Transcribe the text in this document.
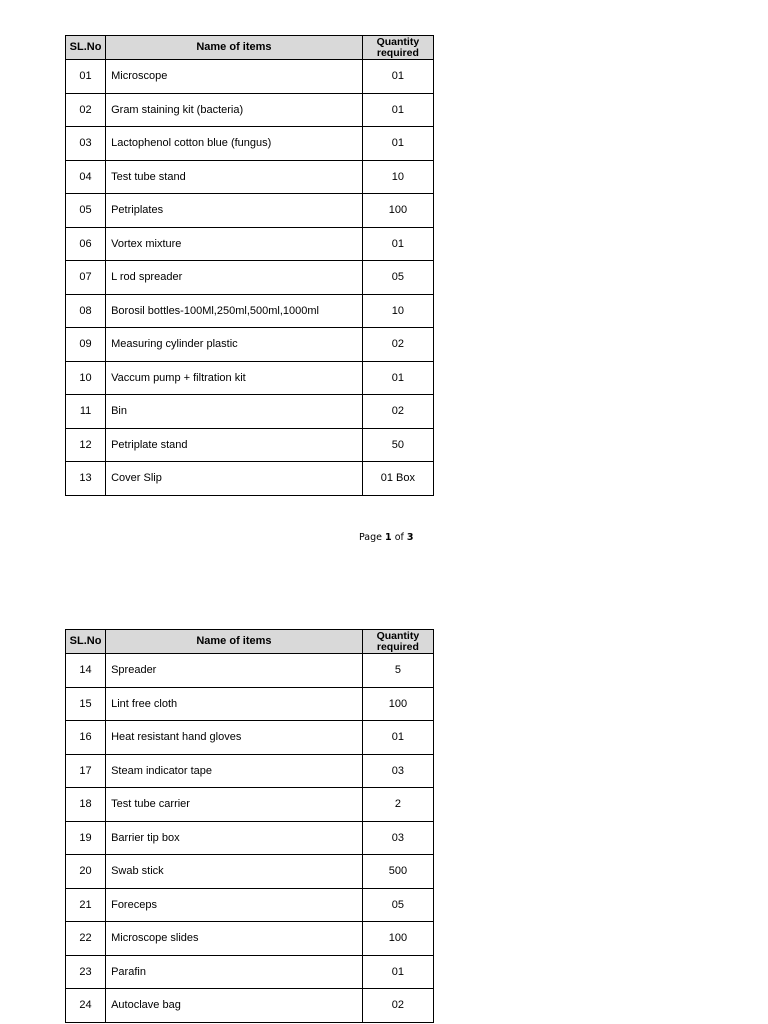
SL.No	Name of items	Quantity required
01	Microscope	01
02	Gram staining kit (bacteria)	01
03	Lactophenol cotton blue (fungus)	01
04	Test tube stand	10
05	Petriplates	100
06	Vortex mixture	01
07	L rod spreader	05
08	Borosil bottles-100Ml,250ml,500ml,1000ml	10
09	Measuring cylinder plastic	02
10	Vaccum pump + filtration kit	01
11	Bin	02
12	Petriplate stand	50
13	Cover Slip	01 Box
Page 1 of 3
SL.No	Name of items	Quantity required
14	Spreader	5
15	Lint free cloth	100
16	Heat resistant hand gloves	01
17	Steam indicator tape	03
18	Test tube carrier	2
19	Barrier tip box	03
20	Swab stick	500
21	Foreceps	05
22	Microscope slides	100
23	Parafin	01
24	Autoclave bag	02
